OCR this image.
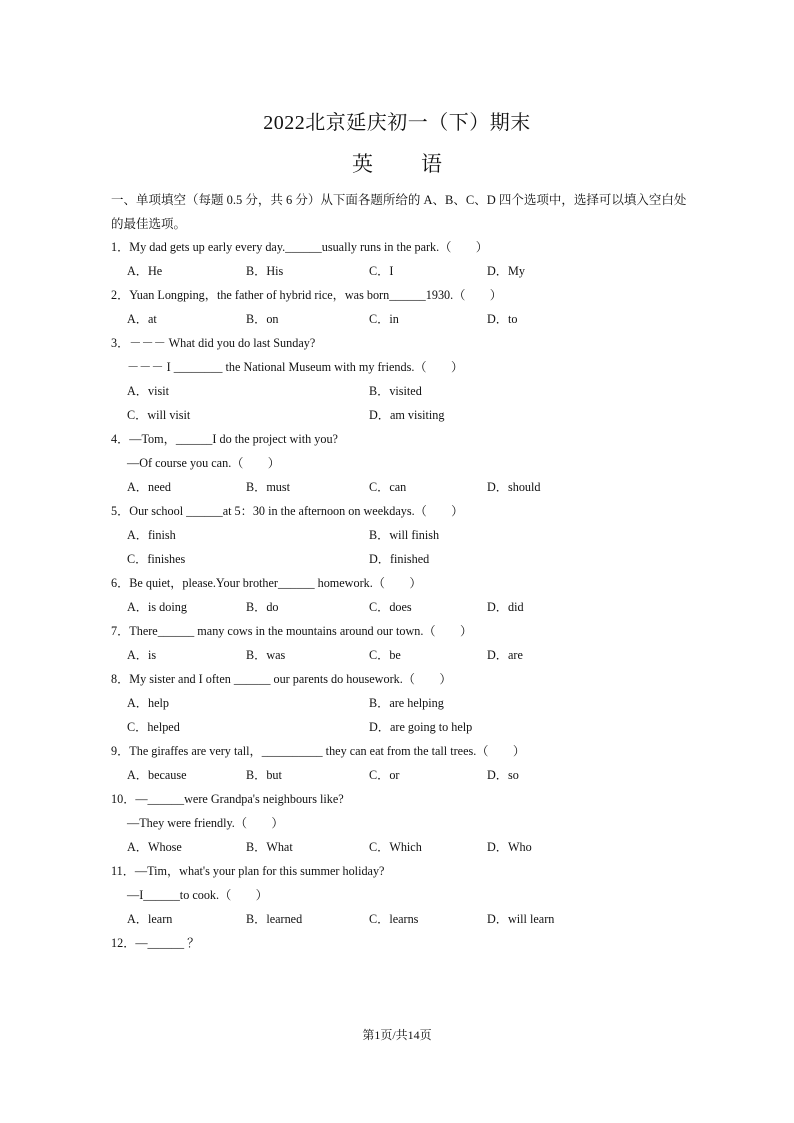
2022北京延庆初一（下）期末
英 语
一、单项填空（每题 0.5 分，共 6 分）从下面各题所给的 A、B、C、D 四个选项中，选择可以填入空白处
的最佳选项。
1．My dad gets up early every day.______usually runs in the park.（        ）
A．He	B．His	C．I	D．My
2．Yuan Longping，the father of hybrid rice，was born______1930.（        ）
A．at	B．on	C．in	D．to
3．－－－ What did you do last Sunday?
－－－ I ________ the National Museum with my friends.（        ）
A．visit	B．visited
C．will visit	D．am visiting
4．—Tom，______I do the project with you?
—Of course you can.（        ）
A．need	B．must	C．can	D．should
5．Our school ______at 5：30 in the afternoon on weekdays.（        ）
A．finish	B．will finish
C．finishes	D．finished
6．Be quiet，please.Your brother______ homework.（        ）
A．is doing	B．do	C．does	D．did
7．There______ many cows in the mountains around our town.（        ）
A．is	B．was	C．be	D．are
8．My sister and I often ______ our parents do housework.（        ）
A．help	B．are helping
C．helped	D．are going to help
9．The giraffes are very tall，__________ they can eat from the tall trees.（        ）
A．because	B．but	C．or	D．so
10．—______were Grandpa's neighbours like?
—They were friendly.（        ）
A．Whose	B．What	C．Which	D．Who
11．—Tim，what's your plan for this summer holiday?
—I______to cook.（        ）
A．learn	B．learned	C．learns	D．will learn
12．—______ ？
第1页/共14页
